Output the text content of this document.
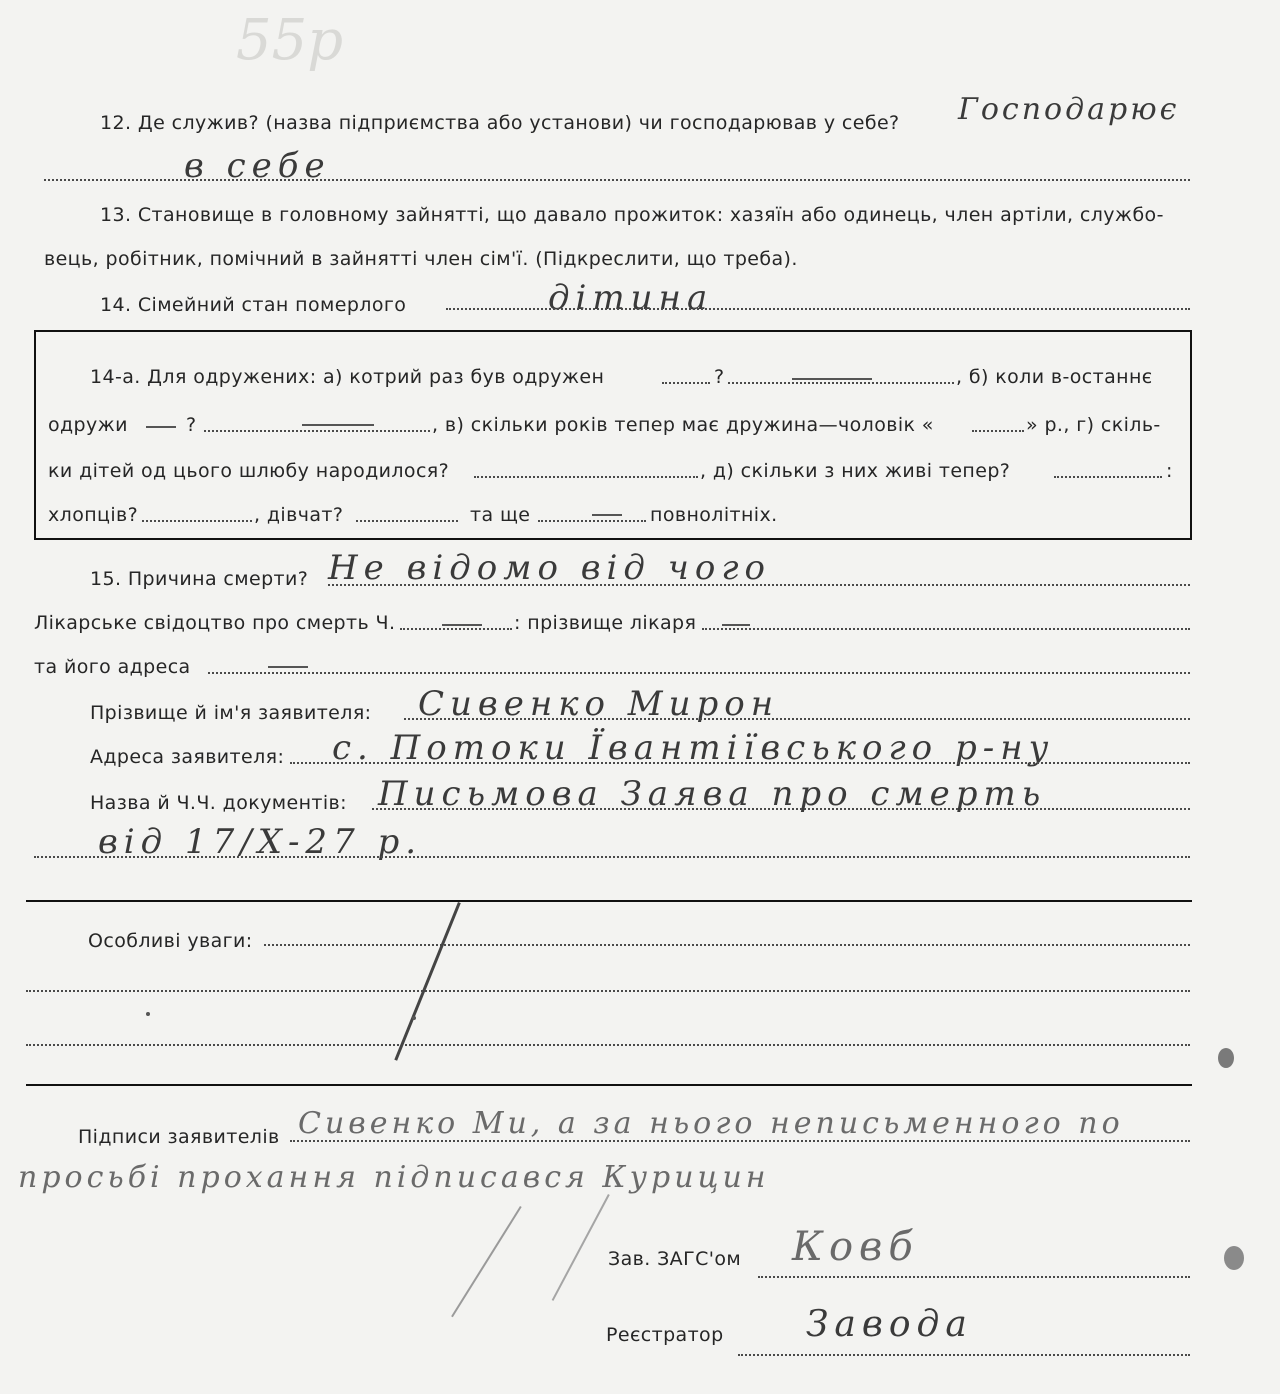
55р
12. Де служив? (назва підприємства або установи) чи господарював у себе? Господарює
в себе
13. Становище в головному зайнятті, що давало прожиток: хазяїн або одинець, член артіли, службо-
вець, робітник, помічний в зайнятті член сім'ї. (Підкреслити, що треба).
14. Сімейний стан померлого	дітина
14-а. Для одружених: а) котрий раз був одружен	?	, б) коли в-останнє
одружи	?	, в) скільки років тепер має дружина—чоловік «	» р., г) скіль-
ки дітей од цього шлюбу народилося?	, д) скільки з них живі тепер?	:
хлопців?	, дівчат?	та ще	повнолітніх.
15. Причина смерти? Не відомо від чого
Лікарське свідоцтво про смерть Ч.	: прізвище лікаря
та його адреса
Прізвище й ім'я заявителя: Сивенко Мирон
Адреса заявителя: с. Потоки Ївантіївського р-ну
Назва й Ч.Ч. документів: Письмова Заява про смерть
від 17/Х-27 р.
Особливі уваги:
Підписи заявителів Сивенко Ми, а за нього неписьменного по
просьбі прохання підписався Курицин
Зав. ЗАГС'ом Ковб
Реєстратор Завода
